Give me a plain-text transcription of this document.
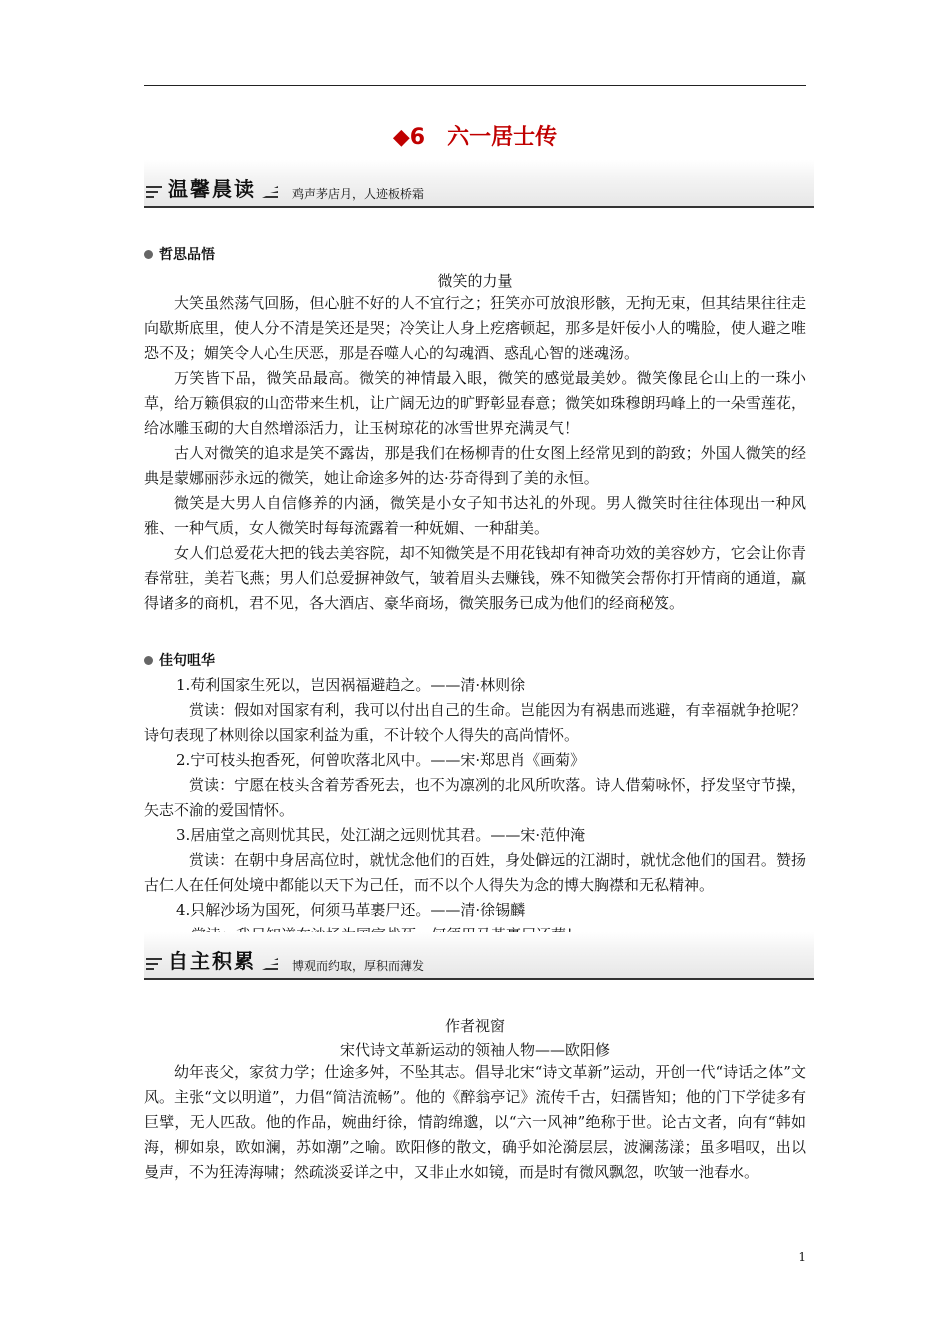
◆6　六一居士传
温馨晨读	鸡声茅店月，人迹板桥霜
哲思品悟
微笑的力量

大笑虽然荡气回肠，但心脏不好的人不宜行之；狂笑亦可放浪形骸，无拘无束，但其结果往往走向歇斯底里，使人分不清是笑还是哭；冷笑让人身上疙瘩顿起，那多是奸佞小人的嘴脸，使人避之唯恐不及；媚笑令人心生厌恶，那是吞噬人心的勾魂酒、惑乱心智的迷魂汤。

万笑皆下品，微笑品最高。微笑的神情最入眼，微笑的感觉最美妙。微笑像昆仑山上的一珠小草，给万籁俱寂的山峦带来生机，让广阔无边的旷野彰显春意；微笑如珠穆朗玛峰上的一朵雪莲花，给冰雕玉砌的大自然增添活力，让玉树琼花的冰雪世界充满灵气！

古人对微笑的追求是笑不露齿，那是我们在杨柳青的仕女图上经常见到的韵致；外国人微笑的经典是蒙娜丽莎永远的微笑，她让命途多舛的达·芬奇得到了美的永恒。

微笑是大男人自信修养的内涵，微笑是小女子知书达礼的外现。男人微笑时往往体现出一种风雅、一种气质，女人微笑时每每流露着一种妩媚、一种甜美。

女人们总爱花大把的钱去美容院，却不知微笑是不用花钱却有神奇功效的美容妙方，它会让你青春常驻，美若飞燕；男人们总爱摒神敛气，皱着眉头去赚钱，殊不知微笑会帮你打开情商的通道，赢得诸多的商机，君不见，各大酒店、豪华商场，微笑服务已成为他们的经商秘笈。

佳句咀华
1.苟利国家生死以，岂因祸福避趋之。——清·林则徐

赏读：假如对国家有利，我可以付出自己的生命。岂能因为有祸患而逃避，有幸福就争抢呢？诗句表现了林则徐以国家利益为重，不计较个人得失的高尚情怀。

2.宁可枝头抱香死，何曾吹落北风中。——宋·郑思肖《画菊》

赏读：宁愿在枝头含着芳香死去，也不为凛冽的北风所吹落。诗人借菊咏怀，抒发坚守节操，矢志不渝的爱国情怀。

3.居庙堂之高则忧其民，处江湖之远则忧其君。——宋·范仲淹

赏读：在朝中身居高位时，就忧念他们的百姓，身处僻远的江湖时，就忧念他们的国君。赞扬古仁人在任何处境中都能以天下为己任，而不以个人得失为念的博大胸襟和无私精神。

4.只解沙场为国死，何须马革裹尸还。——清·徐锡麟
自主积累	博观而约取，厚积而薄发
作者视窗
宋代诗文革新运动的领袖人物——欧阳修

幼年丧父，家贫力学；仕途多舛，不坠其志。倡导北宋“诗文革新”运动，开创一代“诗话之体”文风。主张“文以明道”，力倡“简洁流畅”。他的《醉翁亭记》流传千古，妇孺皆知；他的门下学徒多有巨擘，无人匹敌。他的作品，婉曲纡徐，情韵绵邈，以“六一风神”绝称于世。论古文者，向有“韩如海，柳如泉，欧如澜，苏如潮”之喻。欧阳修的散文，确乎如沦漪层层，波澜荡漾；虽多唱叹，出以曼声，不为狂涛海啸；然疏淡妥详之中，又非止水如镜，而是时有微风飘忽，吹皱一池春水。

1
